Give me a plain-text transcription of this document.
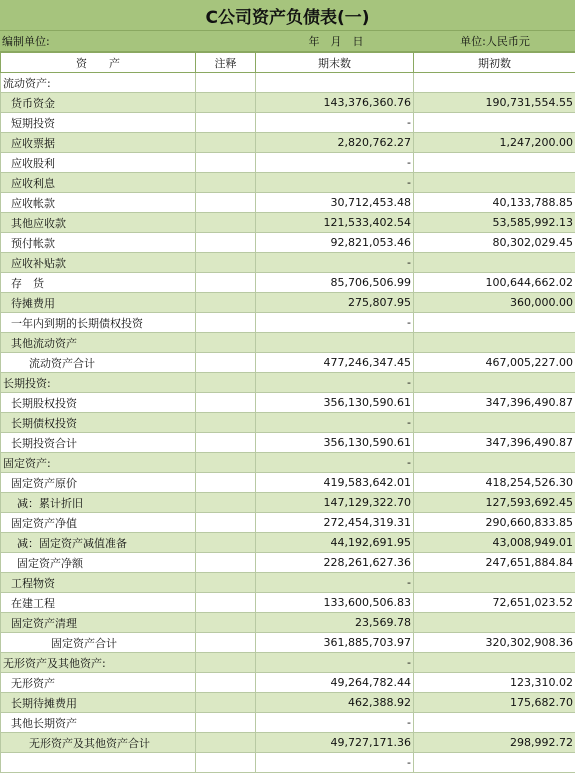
C公司资产负债表(一)
编制单位:	年　月　日	单位:人民币元
资　　产	注释	期末数	期初数
流动资产:			
货币资金		143,376,360.76	190,731,554.55
短期投资		-	
应收票据		2,820,762.27	1,247,200.00
应收股利		-	
应收利息		-	
应收帐款		30,712,453.48	40,133,788.85
其他应收款		121,533,402.54	53,585,992.13
预付帐款		92,821,053.46	80,302,029.45
应收补贴款		-	
存　货		85,706,506.99	100,644,662.02
待摊费用		275,807.95	360,000.00
一年内到期的长期债权投资		-	
其他流动资产			
流动资产合计		477,246,347.45	467,005,227.00
长期投资:		-	
长期股权投资		356,130,590.61	347,396,490.87
长期债权投资		-	
长期投资合计		356,130,590.61	347,396,490.87
固定资产:		-	
固定资产原价		419,583,642.01	418,254,526.30
减：累计折旧		147,129,322.70	127,593,692.45
固定资产净值		272,454,319.31	290,660,833.85
减：固定资产减值准备		44,192,691.95	43,008,949.01
固定资产净额		228,261,627.36	247,651,884.84
工程物资		-	
在建工程		133,600,506.83	72,651,023.52
固定资产清理		23,569.78	
固定资产合计		361,885,703.97	320,302,908.36
无形资产及其他资产:		-	
无形资产		49,264,782.44	123,310.02
长期待摊费用		462,388.92	175,682.70
其他长期资产		-	
无形资产及其他资产合计		49,727,171.36	298,992.72
		-	
